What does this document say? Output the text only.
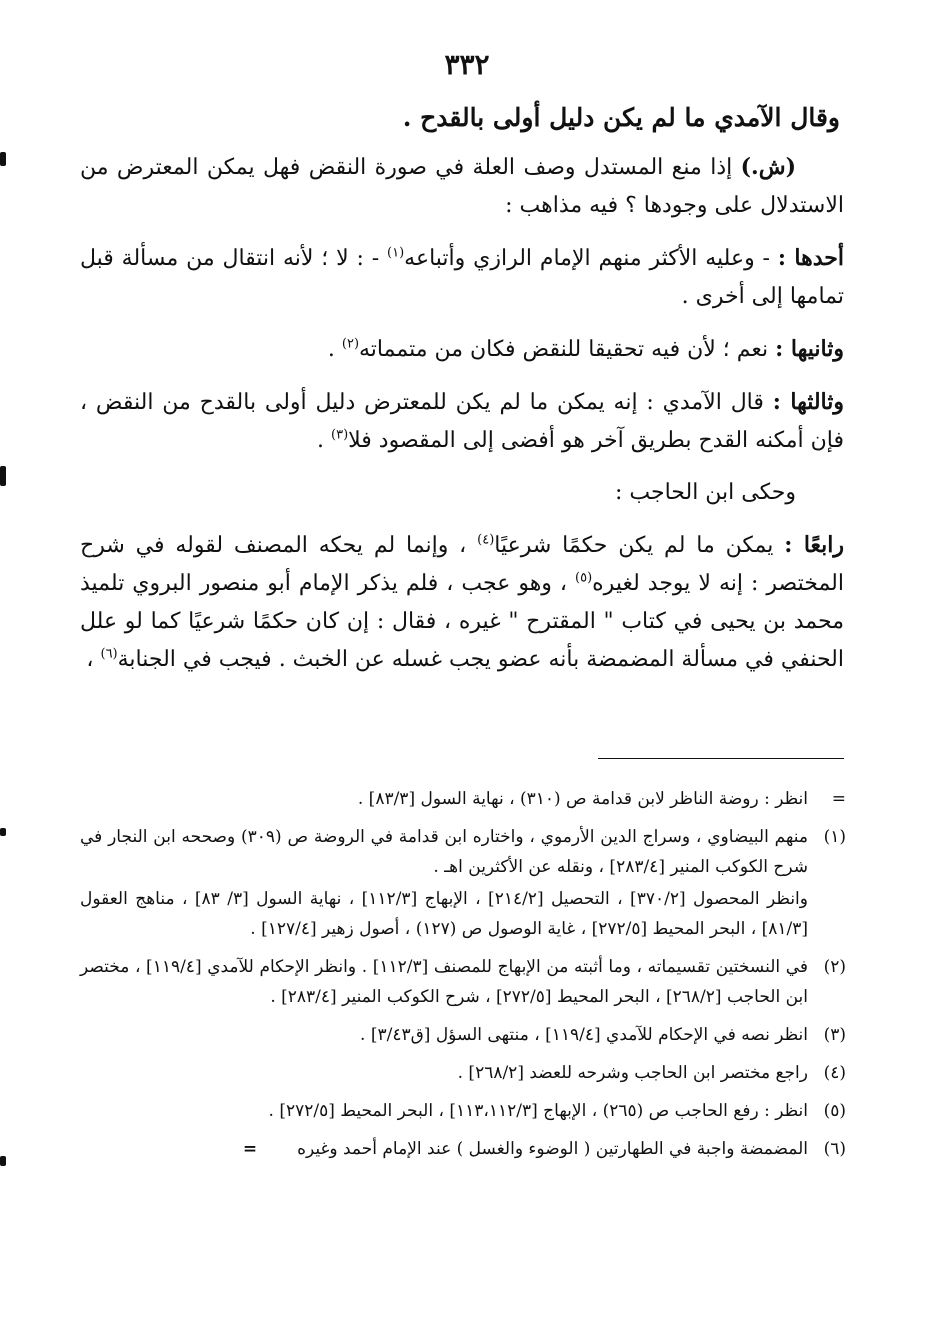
٣٣٢
وقال الآمدي ما لم يكن دليل أولى بالقدح .

(ش.) إذا منع المستدل وصف العلة في صورة النقض فهل يمكن المعترض من الاستدلال على وجودها ؟ فيه مذاهب :

أحدها : - وعليه الأكثر منهم الإمام الرازي وأتباعه$^{(١)}$ - : لا ؛ لأنه انتقال من مسألة قبل تمامها إلى أخرى .

وثانيها : نعم ؛ لأن فيه تحقيقا للنقض فكان من متمماته$^{(٢)}$ .

وثالثها : قال الآمدي : إنه يمكن ما لم يكن للمعترض دليل أولى بالقدح من النقض ، فإن أمكنه القدح بطريق آخر هو أفضى إلى المقصود فلا$^{(٣)}$ .

وحكى ابن الحاجب :

رابعًا : يمكن ما لم يكن حكمًا شرعيًا$^{(٤)}$ ، وإنما لم يحكه المصنف لقوله في شرح المختصر : إنه لا يوجد لغيره$^{(٥)}$ ، وهو عجب ، فلم يذكر الإمام أبو منصور البروي تلميذ محمد بن يحيى في كتاب " المقترح " غيره ، فقال : إن كان حكمًا شرعيًا كما لو علل الحنفي في مسألة المضمضة بأنه عضو يجب غسله عن الخبث . فيجب في الجنابة$^{(٦)}$ ،

=
انظر : روضة الناظر لابن قدامة ص (٣١٠) ، نهاية السول [٨٣/٣] .
(١)
منهم البيضاوي ، وسراج الدين الأرموي ، واختاره ابن قدامة في الروضة ص (٣٠٩) وصححه ابن النجار في شرح الكوكب المنير [٢٨٣/٤] ، ونقله عن الأكثرين اهـ .
وانظر المحصول [٣٧٠/٢] ، التحصيل [٢١٤/٢] ، الإبهاج [١١٢/٣] ، نهاية السول [٣/ ٨٣] ، مناهج العقول [٨١/٣] ، البحر المحيط [٢٧٢/٥] ، غاية الوصول ص (١٢٧) ، أصول زهير [١٢٧/٤] .
(٢)
في النسختين تقسيماته ، وما أثبته من الإبهاج للمصنف [١١٢/٣] . وانظر الإحكام للآمدي [١١٩/٤] ، مختصر ابن الحاجب [٢٦٨/٢] ، البحر المحيط [٢٧٢/٥] ، شرح الكوكب المنير [٢٨٣/٤] .
(٣)
انظر نصه في الإحكام للآمدي [١١٩/٤] ، منتهى السؤل [ق٣/٤٣] .
(٤)
راجع مختصر ابن الحاجب وشرحه للعضد [٢٦٨/٢] .
(٥)
انظر : رفع الحاجب ص (٢٦٥) ، الإبهاج [١١٣،١١٢/٣] ، البحر المحيط [٢٧٢/٥] .
(٦)
المضمضة واجبة في الطهارتين ( الوضوء والغسل ) عند الإمام أحمد وغيره=
